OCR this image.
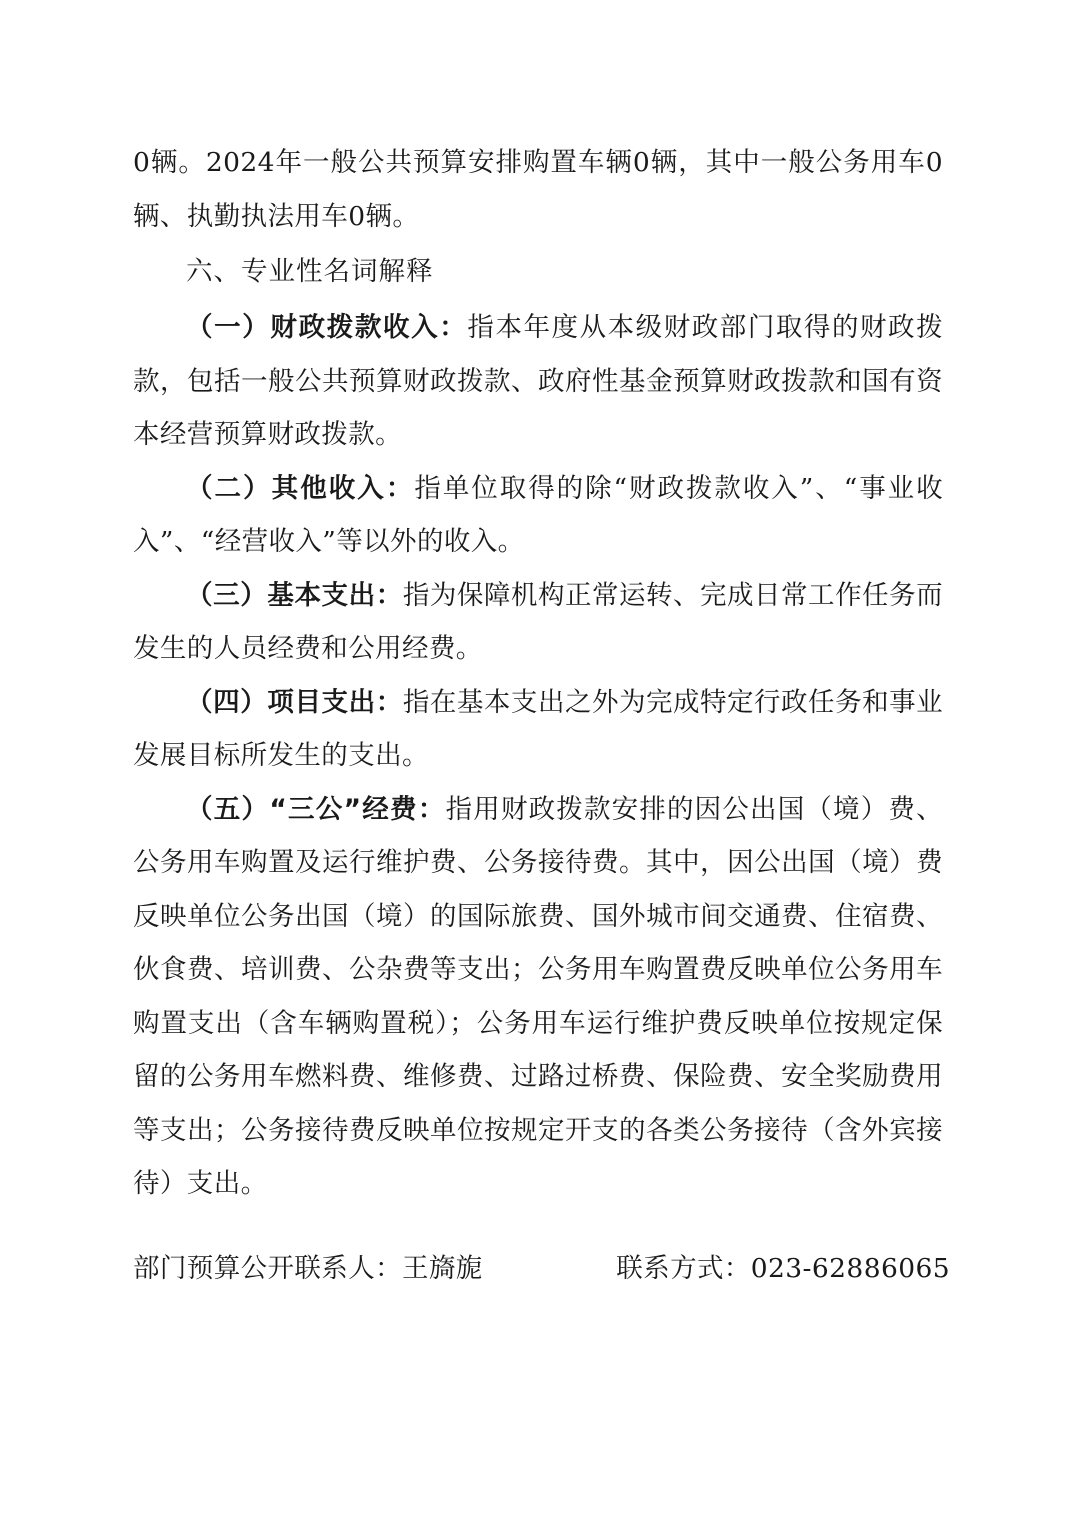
0辆。2024年一般公共预算安排购置车辆0辆，其中一般公务用车0辆、执勤执法用车0辆。

六、专业性名词解释

（一）财政拨款收入：指本年度从本级财政部门取得的财政拨款，包括一般公共预算财政拨款、政府性基金预算财政拨款和国有资本经营预算财政拨款。

（二）其他收入：指单位取得的除“财政拨款收入”、“事业收入”、“经营收入”等以外的收入。

（三）基本支出：指为保障机构正常运转、完成日常工作任务而发生的人员经费和公用经费。

（四）项目支出：指在基本支出之外为完成特定行政任务和事业发展目标所发生的支出。

（五）“三公”经费：指用财政拨款安排的因公出国（境）费、公务用车购置及运行维护费、公务接待费。其中，因公出国（境）费反映单位公务出国（境）的国际旅费、国外城市间交通费、住宿费、伙食费、培训费、公杂费等支出；公务用车购置费反映单位公务用车购置支出（含车辆购置税）；公务用车运行维护费反映单位按规定保留的公务用车燃料费、维修费、过路过桥费、保险费、安全奖励费用等支出；公务接待费反映单位按规定开支的各类公务接待（含外宾接待）支出。

部门预算公开联系人：王旖旎	联系方式：023-62886065
